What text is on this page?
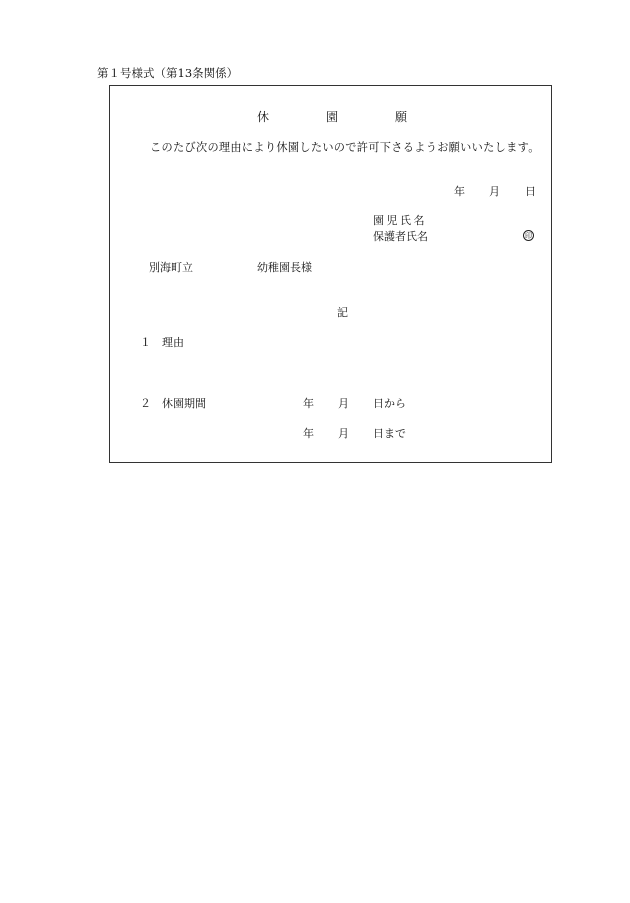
第１号様式（第13条関係）
休	園	願
このたび次の理由により休園したいので許可下さるようお願いいたします。
年 月 日
園児氏名
保護者氏名	印
別海町立	幼稚園長様
記
１ 理由
２ 休園期間	年 月 日から
年 月 日まで
